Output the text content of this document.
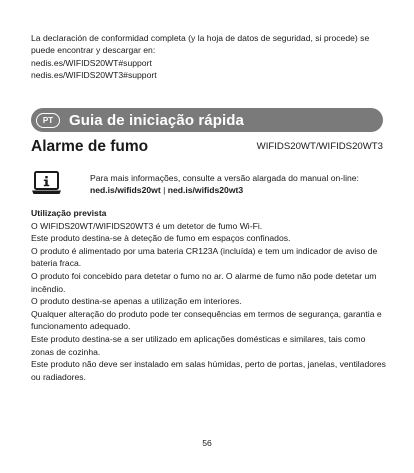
La declaración de conformidad completa (y la hoja de datos de seguridad, si procede) se puede encontrar y descargar en:

nedis.es/WIFIDS20WT#support

nedis.es/WIFIDS20WT3#support

PT	Guia de iniciação rápida
Alarme de fumo	WIFIDS20WT/WIFIDS20WT3
Para mais informações, consulte a versão alargada do manual on-line: ned.is/wifids20wt | ned.is/wifids20wt3

Utilização prevista

O WIFIDS20WT/WIFIDS20WT3 é um detetor de fumo Wi-Fi.

Este produto destina-se à deteção de fumo em espaços confinados.

O produto é alimentado por uma bateria CR123A (incluída) e tem um indicador de aviso de bateria fraca.

O produto foi concebido para detetar o fumo no ar. O alarme de fumo não pode detetar um incêndio.

O produto destina-se apenas a utilização em interiores.

Qualquer alteração do produto pode ter consequências em termos de segurança, garantia e funcionamento adequado.

Este produto destina-se a ser utilizado em aplicações domésticas e similares, tais como zonas de cozinha.

Este produto não deve ser instalado em salas húmidas, perto de portas, janelas, ventiladores ou radiadores.

56
